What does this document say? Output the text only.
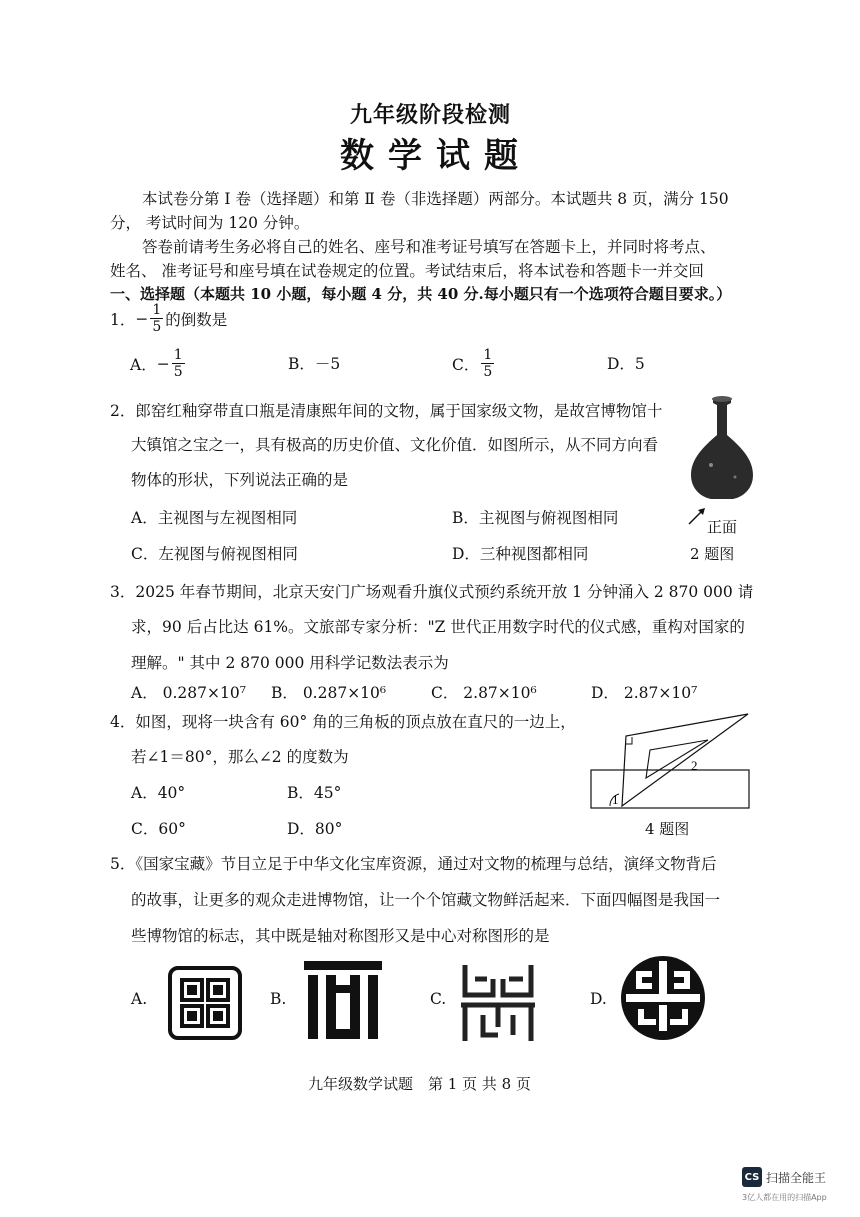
九年级阶段检测
数学试题
本试卷分第 Ⅰ 卷（选择题）和第 Ⅱ 卷（非选择题）两部分。本试题共 8 页，满分 150
分， 考试时间为 120 分钟。
答卷前请考生务必将自己的姓名、座号和准考证号填写在答题卡上，并同时将考点、
姓名、 准考证号和座号填在试卷规定的位置。考试结束后，将本试卷和答题卡一并交回
一、选择题（本题共 10 小题，每小题 4 分，共 40 分.每小题只有一个选项符合题目要求。）
1． − $\frac{1}{5}$ 的倒数是
A． − $\frac{1}{5}$	B．－5	C． $\frac{1}{5}$	D．5
2．郎窑红釉穿带直口瓶是清康熙年间的文物，属于国家级文物，是故宫博物馆十
大镇馆之宝之一，具有极高的历史价值、文化价值．如图所示，从不同方向看
物体的形状，下列说法正确的是
A．主视图与左视图相同	B．主视图与俯视图相同
C．左视图与俯视图相同	D．三种视图都相同
正面
2 题图
3．2025 年春节期间，北京天安门广场观看升旗仪式预约系统开放 1 分钟涌入 2 870 000 请
求，90 后占比达 61%。文旅部专家分析："Z 世代正用数字时代的仪式感，重构对国家的
理解。" 其中 2 870 000 用科学记数法表示为
A． 0.287×10⁷ B． 0.287×10⁶	C． 2.87×10⁶	D． 2.87×10⁷
4．如图，现将一块含有 60° 角的三角板的顶点放在直尺的一边上，
若∠1＝80°，那么∠2 的度数为
A．40°	B．45°
C．60°	D．80°
1
2
4 题图
5．《国家宝藏》节目立足于中华文化宝库资源，通过对文物的梳理与总结，演绎文物背后
的故事，让更多的观众走进博物馆，让一个个馆藏文物鲜活起来．下面四幅图是我国一
些博物馆的标志，其中既是轴对称图形又是中心对称图形的是
A.	B.	C.	D.
九年级数学试题　第 1 页 共 8 页
CS 扫描全能王
3亿人都在用的扫描App
